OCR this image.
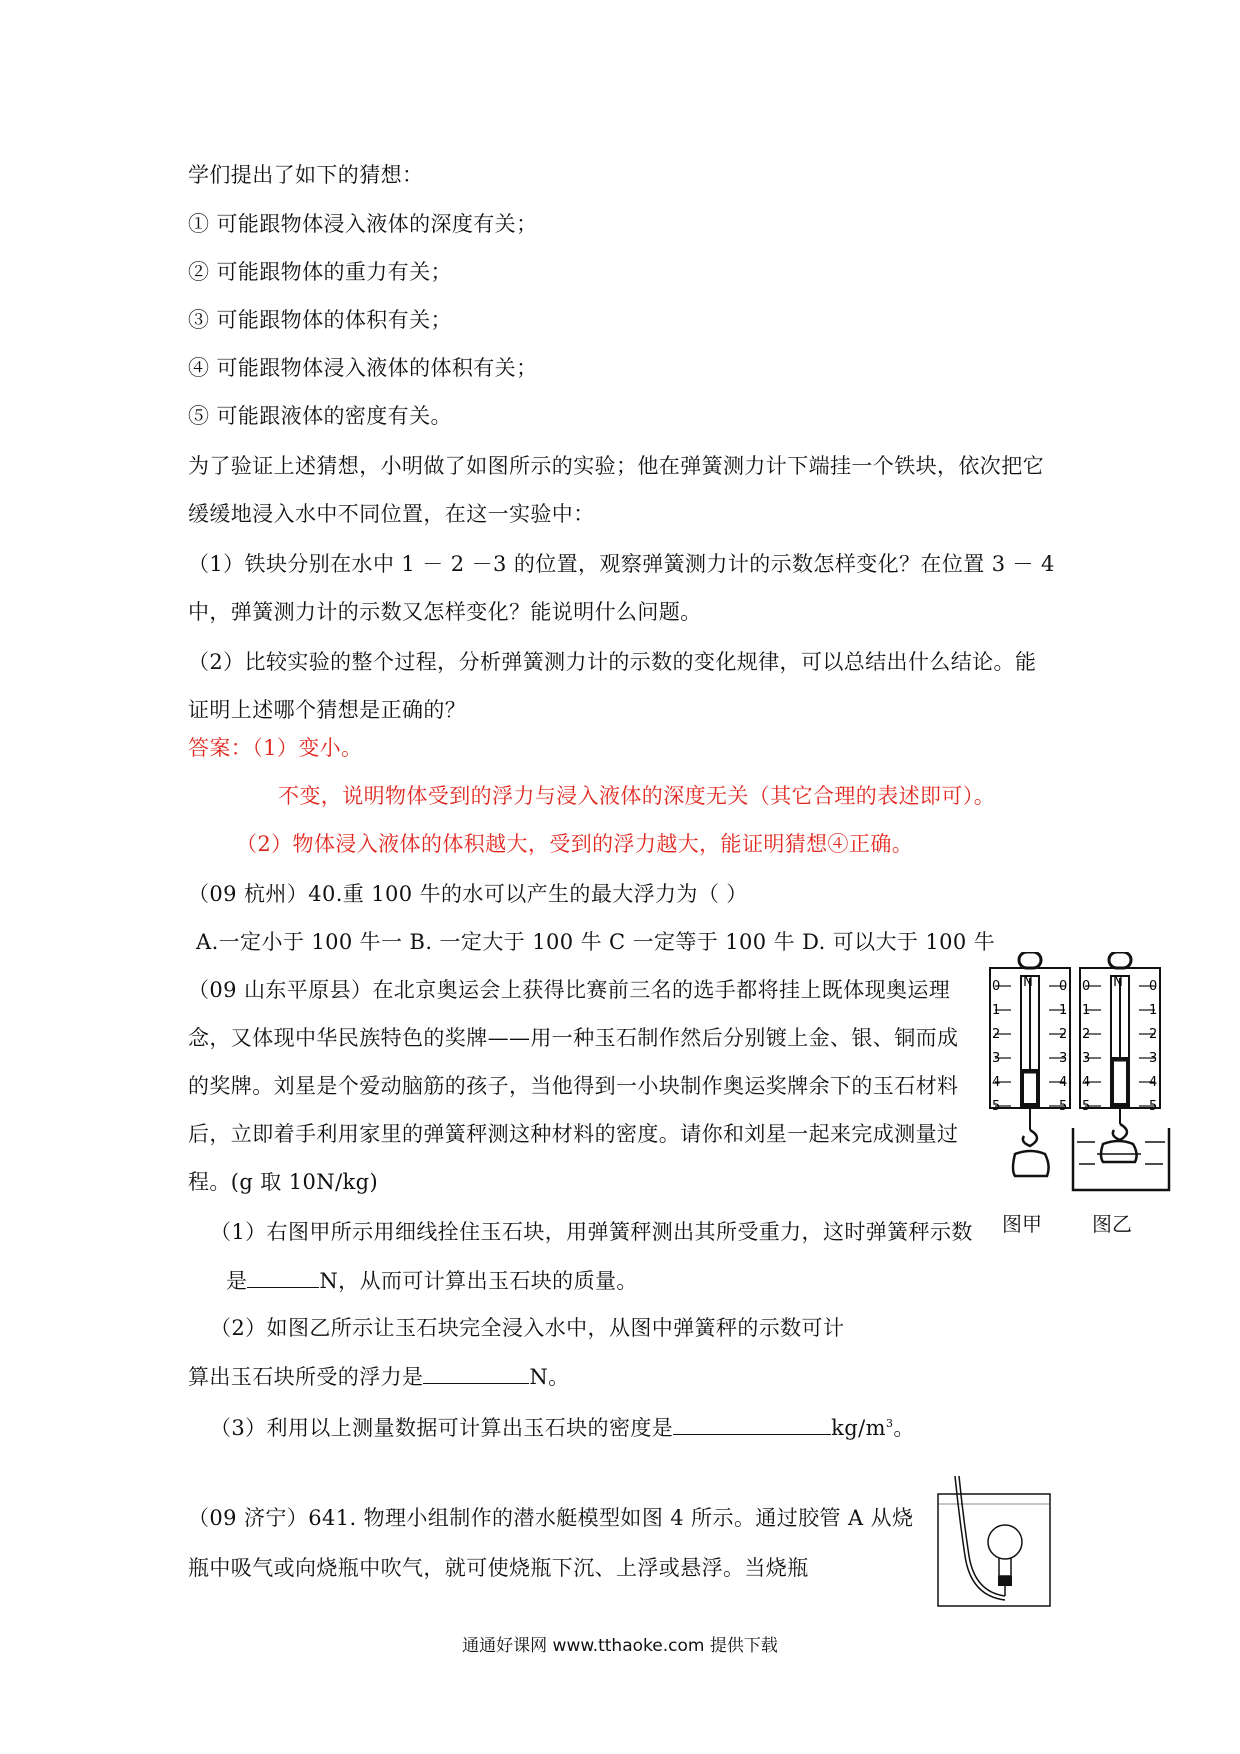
学们提出了如下的猜想：
① 可能跟物体浸入液体的深度有关；
② 可能跟物体的重力有关；
③ 可能跟物体的体积有关；
④ 可能跟物体浸入液体的体积有关；
⑤ 可能跟液体的密度有关。
为了验证上述猜想，小明做了如图所示的实验；他在弹簧测力计下端挂一个铁块，依次把它
缓缓地浸入水中不同位置，在这一实验中：
（1）铁块分别在水中 1 － 2 －3 的位置，观察弹簧测力计的示数怎样变化？在位置 3 － 4
中，弹簧测力计的示数又怎样变化？能说明什么问题。
（2）比较实验的整个过程，分析弹簧测力计的示数的变化规律，可以总结出什么结论。能
证明上述哪个猜想是正确的？
答案：（1）变小。
不变，说明物体受到的浮力与浸入液体的深度无关（其它合理的表述即可）。
（2）物体浸入液体的体积越大，受到的浮力越大，能证明猜想④正确。
（09 杭州）40.重 100 牛的水可以产生的最大浮力为（ ）
A.一定小于 100 牛一 B. 一定大于 100 牛 C 一定等于 100 牛 D. 可以大于 100 牛
（09 山东平原县）在北京奥运会上获得比赛前三名的选手都将挂上既体现奥运理
念，又体现中华民族特色的奖牌——用一种玉石制作然后分别镀上金、银、铜而成
的奖牌。刘星是个爱动脑筋的孩子，当他得到一小块制作奥运奖牌余下的玉石材料
后，立即着手利用家里的弹簧秤测这种材料的密度。请你和刘星一起来完成测量过
程。(g 取 10N/kg)
（1）右图甲所示用细线拴住玉石块，用弹簧秤测出其所受重力，这时弹簧秤示数
是	N，从而可计算出玉石块的质量。
（2）如图乙所示让玉石块完全浸入水中，从图中弹簧秤的示数可计
算出玉石块所受的浮力是	N。
（3）利用以上测量数据可计算出玉石块的密度是	$kg/m^3$。
（09 济宁）641. 物理小组制作的潜水艇模型如图 4 所示。通过胶管 A 从烧
瓶中吸气或向烧瓶中吹气，就可使烧瓶下沉、上浮或悬浮。当烧瓶
N
0	0
1	1
2	2
3	3
4	4
5	5
N
0	0
1	1
2	2
3	3
4	4
5	5
图甲	图乙
通通好课网 www.tthaoke.com 提供下载
